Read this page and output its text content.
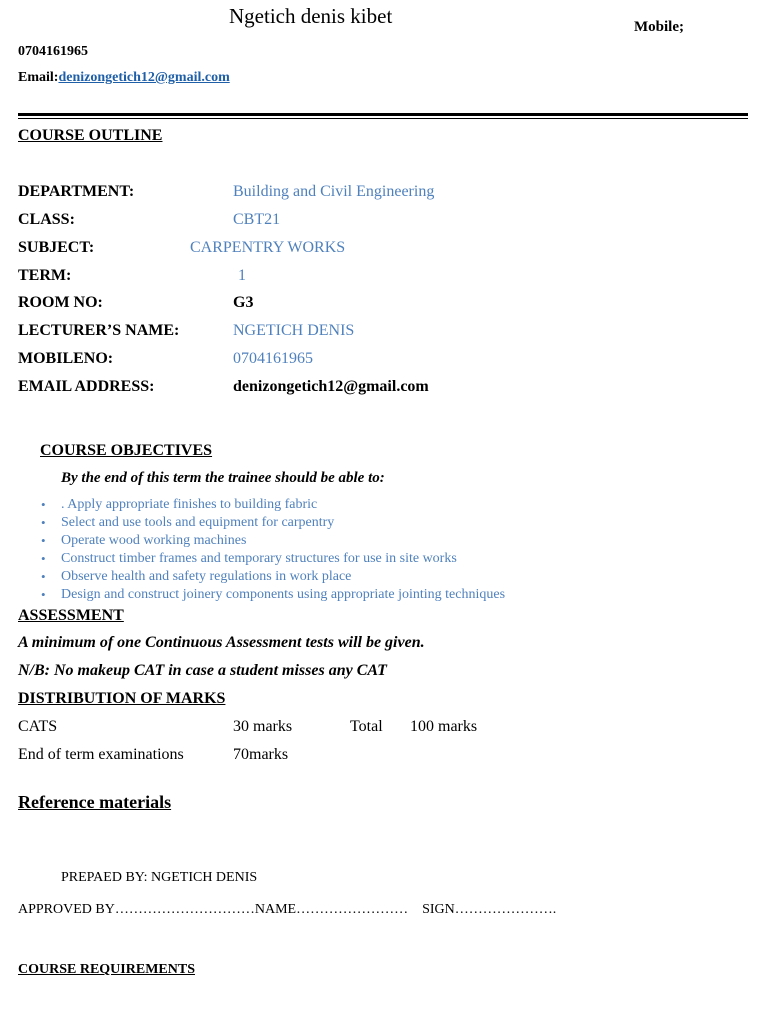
Ngetich denis kibet	Mobile;
0704161965
Email:denizongetich12@gmail.com
COURSE OUTLINE
DEPARTMENT:	Building and Civil Engineering
CLASS:	CBT21
SUBJECT:	CARPENTRY WORKS
TERM:	1
ROOM NO:	G3
LECTURER’S NAME:	NGETICH DENIS
MOBILENO:	0704161965
EMAIL ADDRESS:	denizongetich12@gmail.com
COURSE OBJECTIVES
By the end of this term the trainee should be able to:
• . Apply appropriate finishes to building fabric
• Select and use tools and equipment for carpentry
• Operate wood working machines
• Construct timber frames and temporary structures for use in site works
• Observe health and safety regulations in work place
• Design and construct joinery components using appropriate jointing techniques
ASSESSMENT
A minimum of one Continuous Assessment tests will be given.
N/B: No makeup CAT in case a student misses any CAT
DISTRIBUTION OF MARKS
CATS	30 marks	Total 100 marks
End of term examinations	70marks
Reference materials
PREPAED BY: NGETICH DENIS
APPROVED BY…………………………NAME……………………    SIGN………………….
COURSE REQUIREMENTS
